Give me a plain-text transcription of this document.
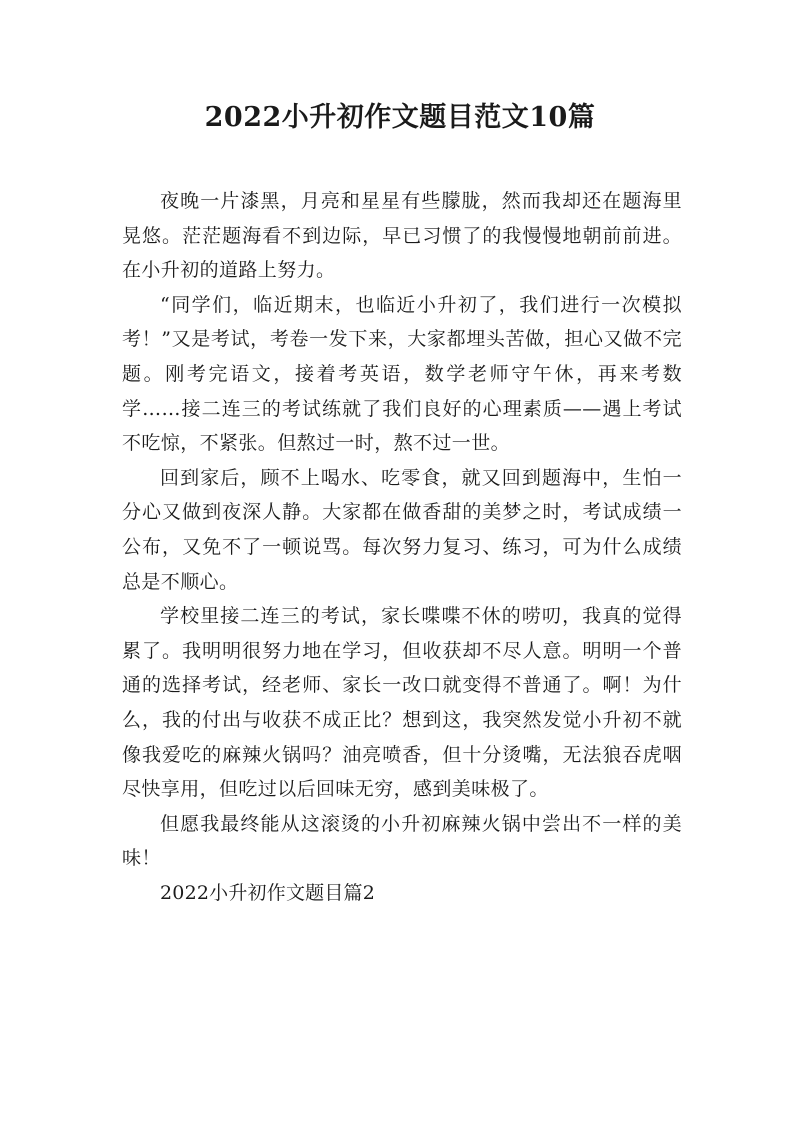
2022小升初作文题目范文10篇

夜晚一片漆黑，月亮和星星有些朦胧，然而我却还在题海里晃悠。茫茫题海看不到边际，早已习惯了的我慢慢地朝前前进。在小升初的道路上努力。

“同学们，临近期末，也临近小升初了，我们进行一次模拟考！”又是考试，考卷一发下来，大家都埋头苦做，担心又做不完题。刚考完语文，接着考英语，数学老师守午休，再来考数学……接二连三的考试练就了我们良好的心理素质——遇上考试不吃惊，不紧张。但熬过一时，熬不过一世。

回到家后，顾不上喝水、吃零食，就又回到题海中，生怕一分心又做到夜深人静。大家都在做香甜的美梦之时，考试成绩一公布，又免不了一顿说骂。每次努力复习、练习，可为什么成绩总是不顺心。

学校里接二连三的考试，家长喋喋不休的唠叨，我真的觉得累了。我明明很努力地在学习，但收获却不尽人意。明明一个普通的选择考试，经老师、家长一改口就变得不普通了。啊！为什么，我的付出与收获不成正比？想到这，我突然发觉小升初不就像我爱吃的麻辣火锅吗？油亮喷香，但十分烫嘴，无法狼吞虎咽尽快享用，但吃过以后回味无穷，感到美味极了。

但愿我最终能从这滚烫的小升初麻辣火锅中尝出不一样的美味！

2022小升初作文题目篇2
